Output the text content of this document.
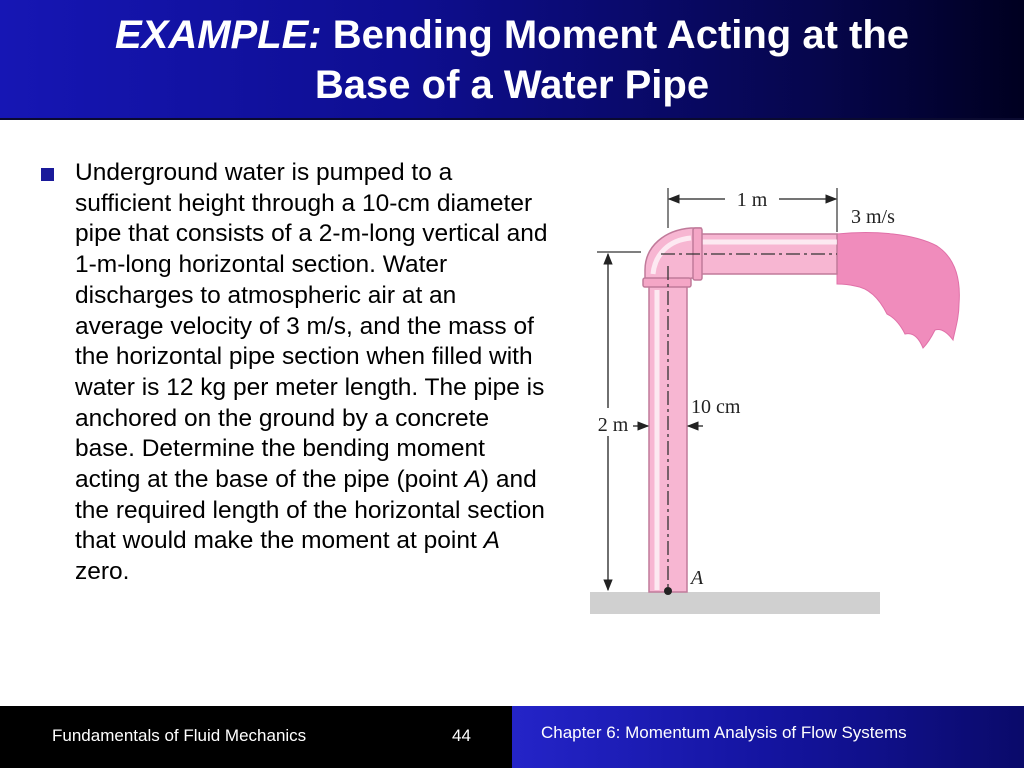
EXAMPLE: Bending Moment Acting at the
Base of a Water Pipe
Underground water is pumped to a sufficient height through a 10-cm diameter pipe that consists of a 2-m-long vertical and 1-m-long horizontal section. Water discharges to atmospheric air at an average velocity of 3 m/s, and the mass of the horizontal pipe section when filled with water is 12 kg per meter length. The pipe is anchored on the ground by a concrete base. Determine the bending moment acting at the base of the pipe (point A) and the required length of the horizontal section that would make the moment at point A zero.
1 m
3 m/s
2 m
10 cm
A
Fundamentals of Fluid Mechanics	44	Chapter 6: Momentum Analysis of Flow Systems
